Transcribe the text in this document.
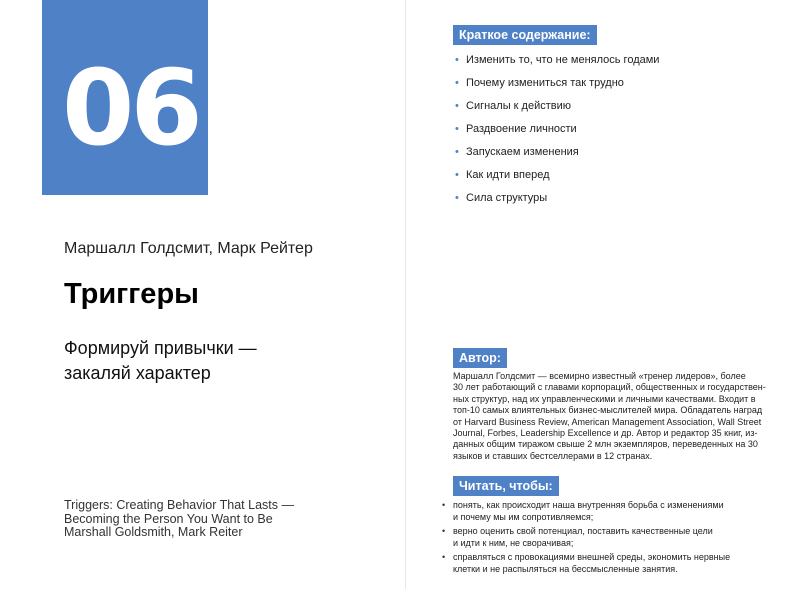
06
Маршалл Голдсмит, Марк Рейтер
Триггеры
Формируй привычки —
закаляй характер
Triggers: Creating Behavior That Lasts —
Becoming the Person You Want to Be
Marshall Goldsmith, Mark Reiter
Краткое содержание:
• Изменить то, что не менялось годами
• Почему измениться так трудно
• Сигналы к действию
• Раздвоение личности
• Запускаем изменения
• Как идти вперед
• Сила структуры
Автор:
Маршалл Голдсмит — всемирно известный «тренер лидеров», более
30 лет работающий с главами корпораций, общественных и государствен-
ных структур, над их управленческими и личными качествами. Входит в
топ-10 самых влиятельных бизнес-мыслителей мира. Обладатель наград
от Harvard Business Review, American Management Association, Wall Street
Journal, Forbes, Leadership Excellence и др. Автор и редактор 35 книг, из-
данных общим тиражом свыше 2 млн экземпляров, переведенных на 30
языков и ставших бестселлерами в 12 странах.
Читать, чтобы:
• понять, как происходит наша внутренняя борьба с изменениями
и почему мы им сопротивляемся;
• верно оценить свой потенциал, поставить качественные цели
и идти к ним, не сворачивая;
• справляться с провокациями внешней среды, экономить нервные
клетки и не распыляться на бессмысленные занятия.
